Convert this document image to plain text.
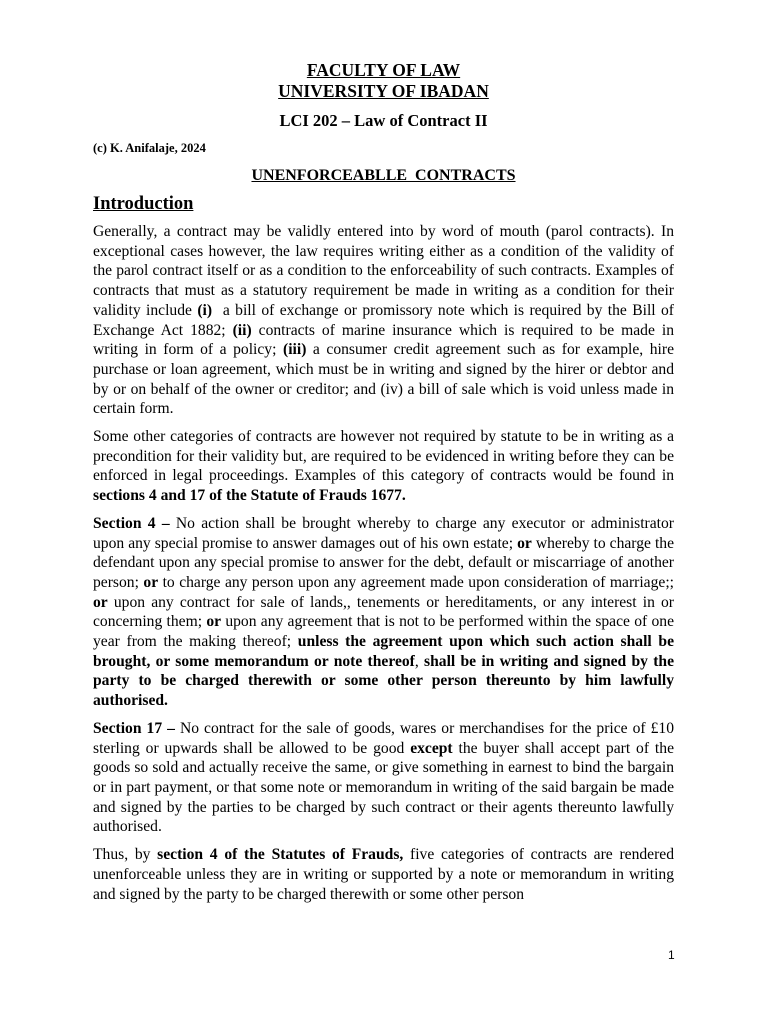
FACULTY OF LAW
UNIVERSITY OF IBADAN
LCI 202 – Law of Contract II
(c) K. Anifalaje, 2024
UNENFORCEABLLE  CONTRACTS
Introduction

Generally, a contract may be validly entered into by word of mouth (parol contracts). In exceptional cases however, the law requires writing either as a condition of the validity of the parol contract itself or as a condition to the enforceability of such contracts. Examples of contracts that must as a statutory requirement be made in writing as a condition for their validity include (i)  a bill of exchange or promissory note which is required by the Bill of Exchange Act 1882; (ii) contracts of marine insurance which is required to be made in writing in form of a policy; (iii) a consumer credit agreement such as for example, hire purchase or loan agreement, which must be in writing and signed by the hirer or debtor and by or on behalf of the owner or creditor; and (iv) a bill of sale which is void unless made in certain form.

Some other categories of contracts are however not required by statute to be in writing as a precondition for their validity but, are required to be evidenced in writing before they can be enforced in legal proceedings. Examples of this category of contracts would be found in sections 4 and 17 of the Statute of Frauds 1677.

Section 4 – No action shall be brought whereby to charge any executor or administrator upon any special promise to answer damages out of his own estate; or whereby to charge the defendant upon any special promise to answer for the debt, default or miscarriage of another person; or to charge any person upon any agreement made upon consideration of marriage;; or upon any contract for sale of lands,, tenements or hereditaments, or any interest in or concerning them; or upon any agreement that is not to be performed within the space of one year from the making thereof; unless the agreement upon which such action shall be brought, or some memorandum or note thereof, shall be in writing and signed by the party to be charged therewith or some other person thereunto by him lawfully authorised.

Section 17 – No contract for the sale of goods, wares or merchandises for the price of £10 sterling or upwards shall be allowed to be good except the buyer shall accept part of the goods so sold and actually receive the same, or give something in earnest to bind the bargain or in part payment, or that some note or memorandum in writing of the said bargain be made and signed by the parties to be charged by such contract or their agents thereunto lawfully authorised.

Thus, by section 4 of the Statutes of Frauds, five categories of contracts are rendered unenforceable unless they are in writing or supported by a note or memorandum in writing and signed by the party to be charged therewith or some other person

1
